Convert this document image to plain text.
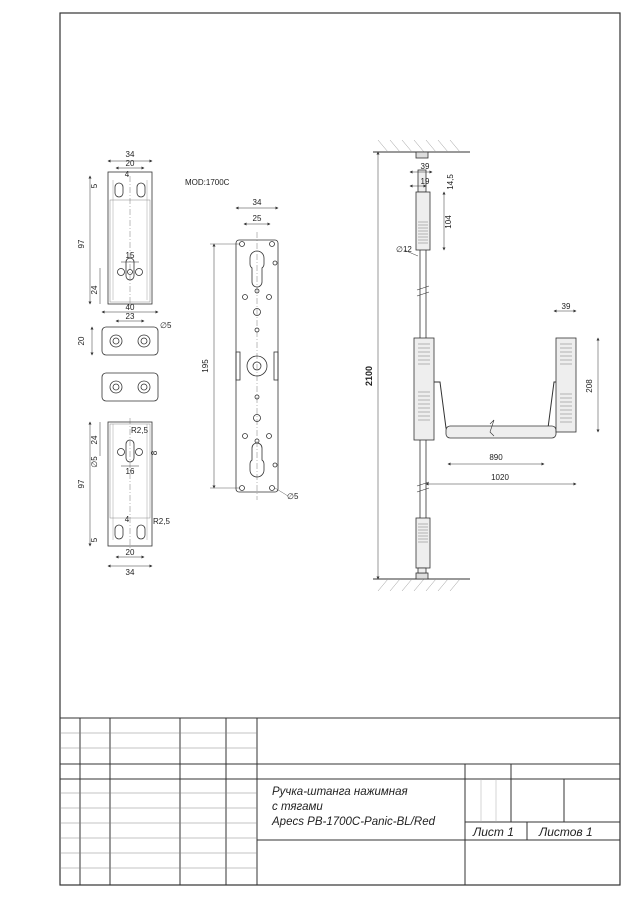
34
20
4
15
97
24
5	MOD:1700C
40
23
20
∅5
24
∅5
R2,5
8
97
16
4	R2,5
5
20
34
34
25
195
∅5
39
19 14,5
104
∅12
2100
39
208
890
1020
Ручка-штанга нажимная
с тягами
Apecs PB-1700C-Panic-BL/Red
Лист 1 Листов 1
